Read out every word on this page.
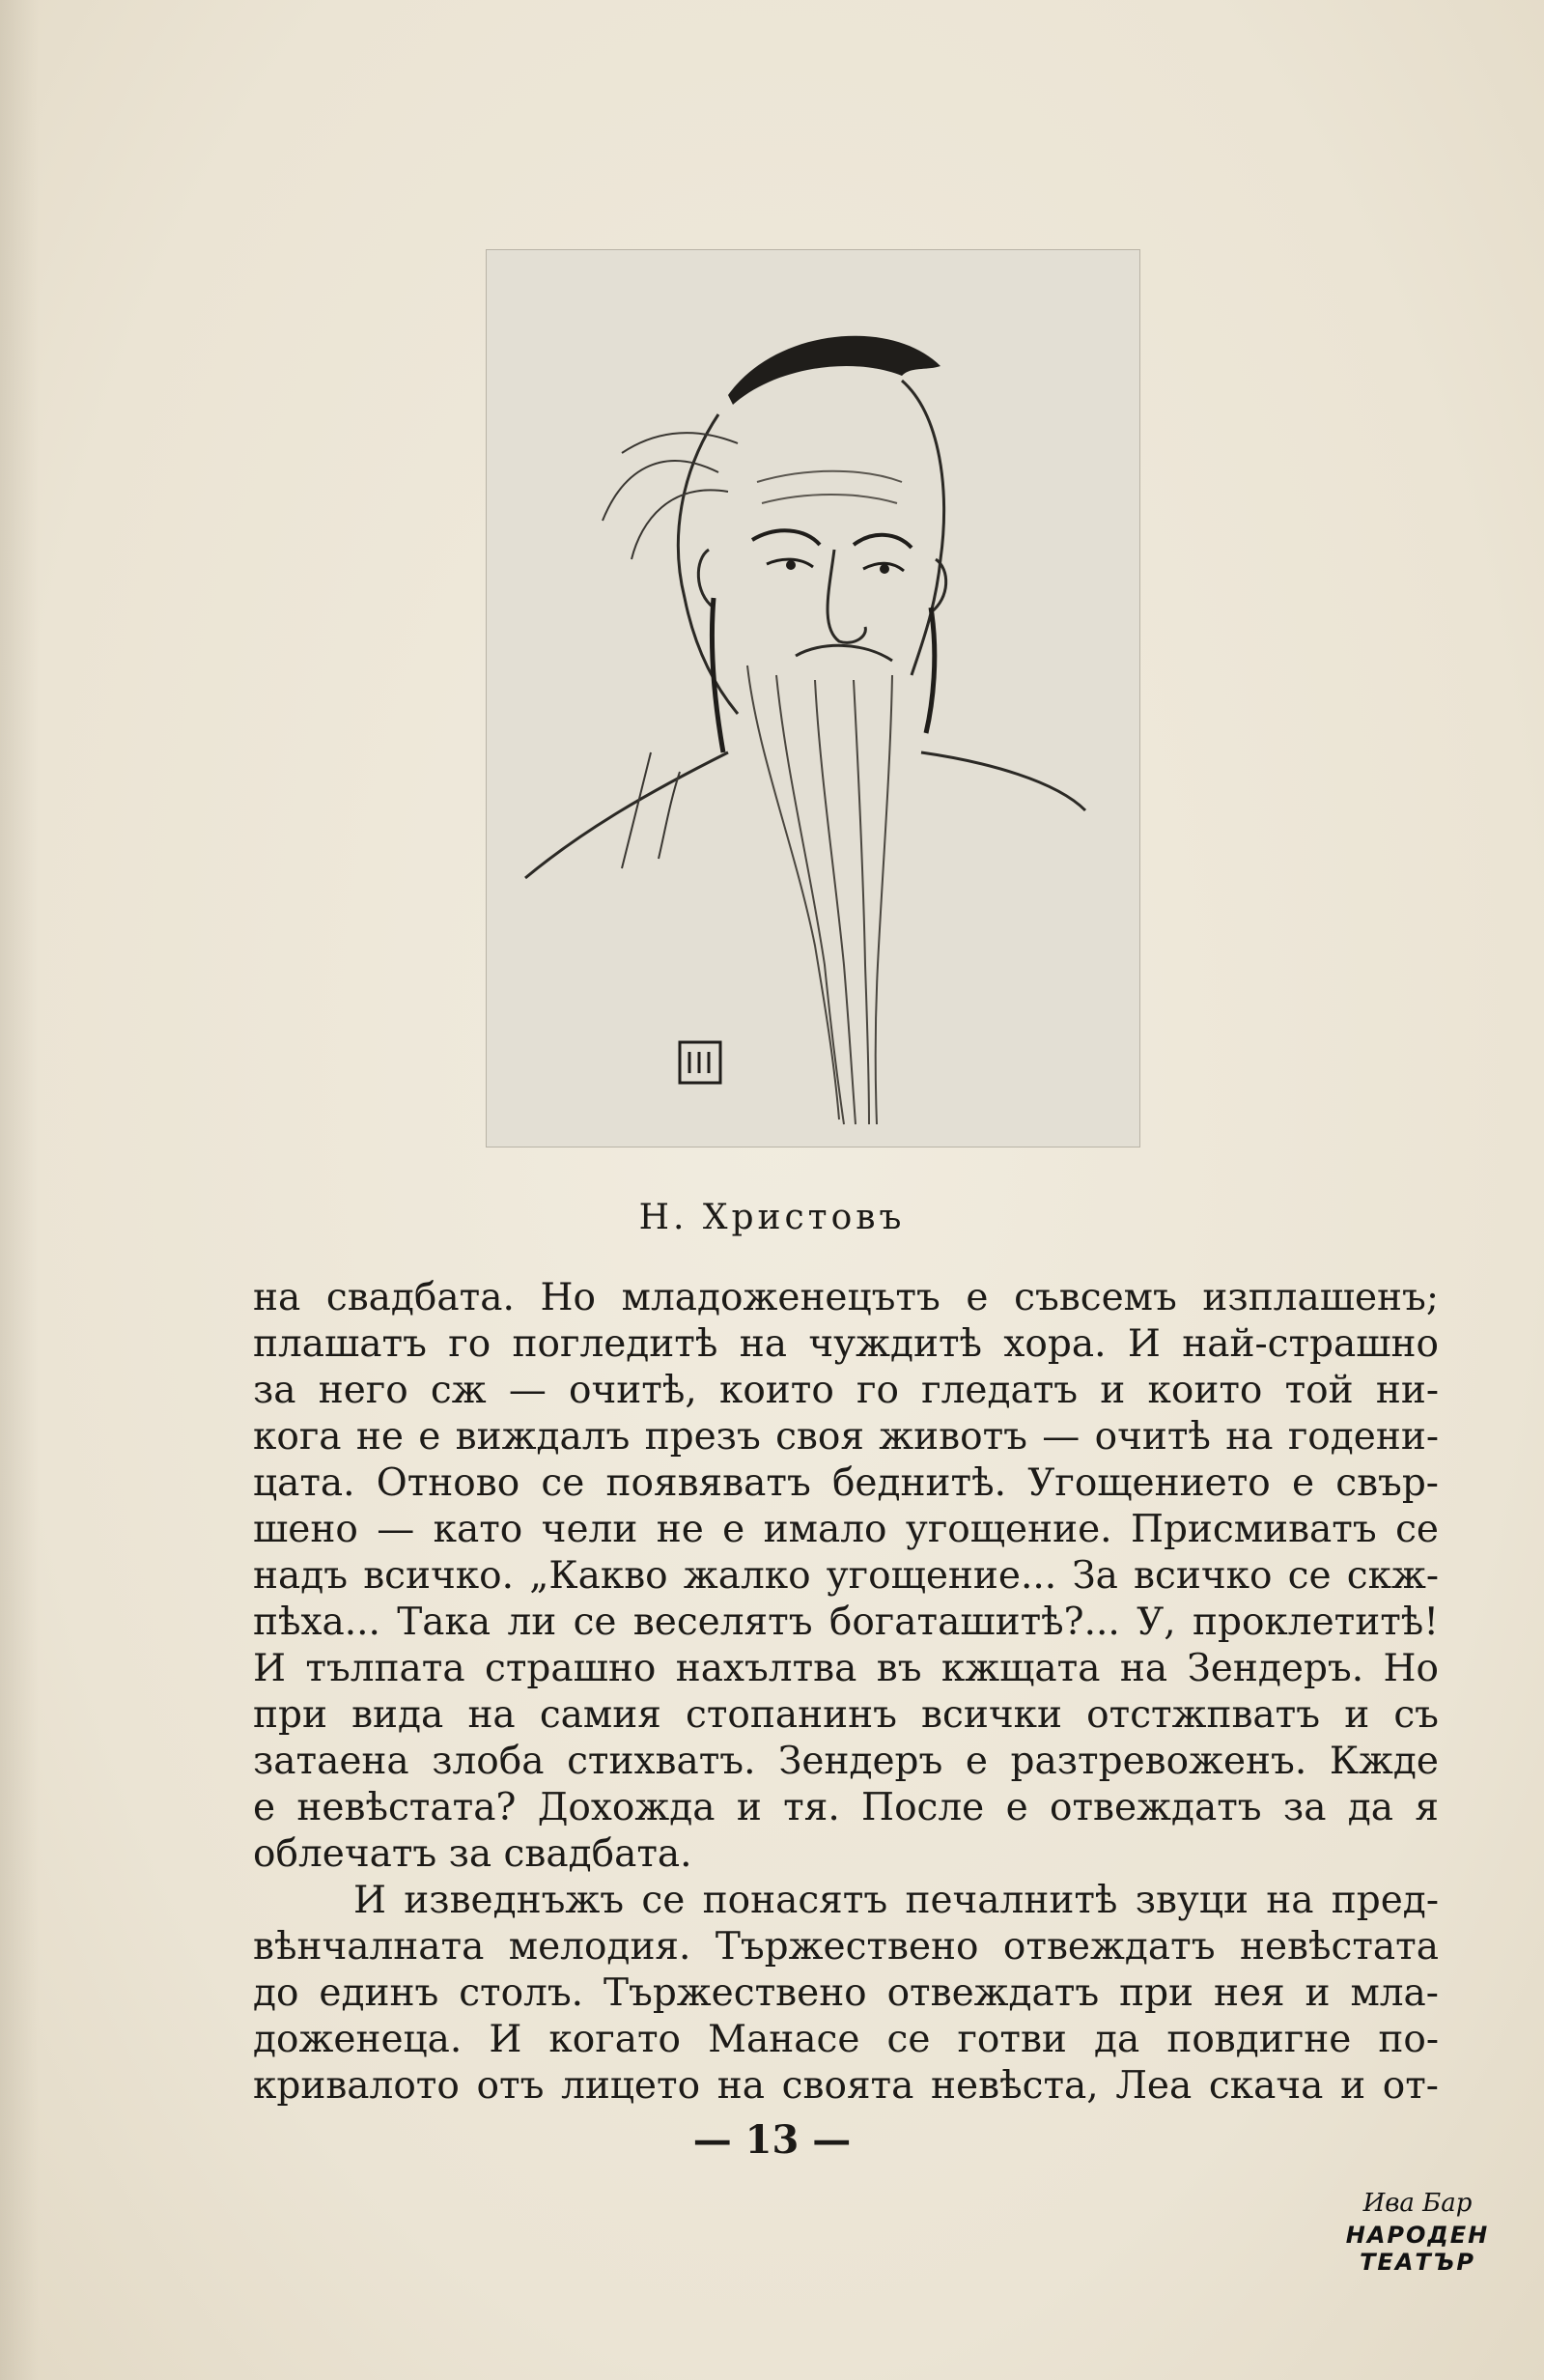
Н. Христовъ
на свадбата. Но младоженецътъ е съвсемъ изплашенъ;
плашатъ го погледитѣ на чуждитѣ хора. И най-страшно
за него сж — очитѣ, които го гледатъ и които той ни-
кога не е виждалъ презъ своя животъ — очитѣ на годени-
цата. Отново се появяватъ беднитѣ. Угощението е свър-
шено — като чели не е имало угощение. Присмиватъ се
надъ всичко. „Какво жалко угощение... За всичко се скж-
пѣха... Така ли се веселятъ богаташитѣ?... У, проклетитѣ!
И тълпата страшно нахълтва въ кжщата на Зендеръ. Но
при вида на самия стопанинъ всички отстжпватъ и съ
затаена злоба стихватъ. Зендеръ е разтревоженъ. Кжде
е невѣстата? Дохожда и тя. После е отвеждатъ за да я
облечатъ за свадбата.
И изведнъжъ се понасятъ печалнитѣ звуци на пред-
вѣнчалната мелодия. Тържествено отвеждатъ невѣстата
до единъ столъ. Тържествено отвеждатъ при нея и мла-
доженеца. И когато Манасе се готви да повдигне по-
кривалото отъ лицето на своята невѣста, Леа скача и от-
— 13 —
Ива Бар
НАРОДЕН
ТЕАТЪР
